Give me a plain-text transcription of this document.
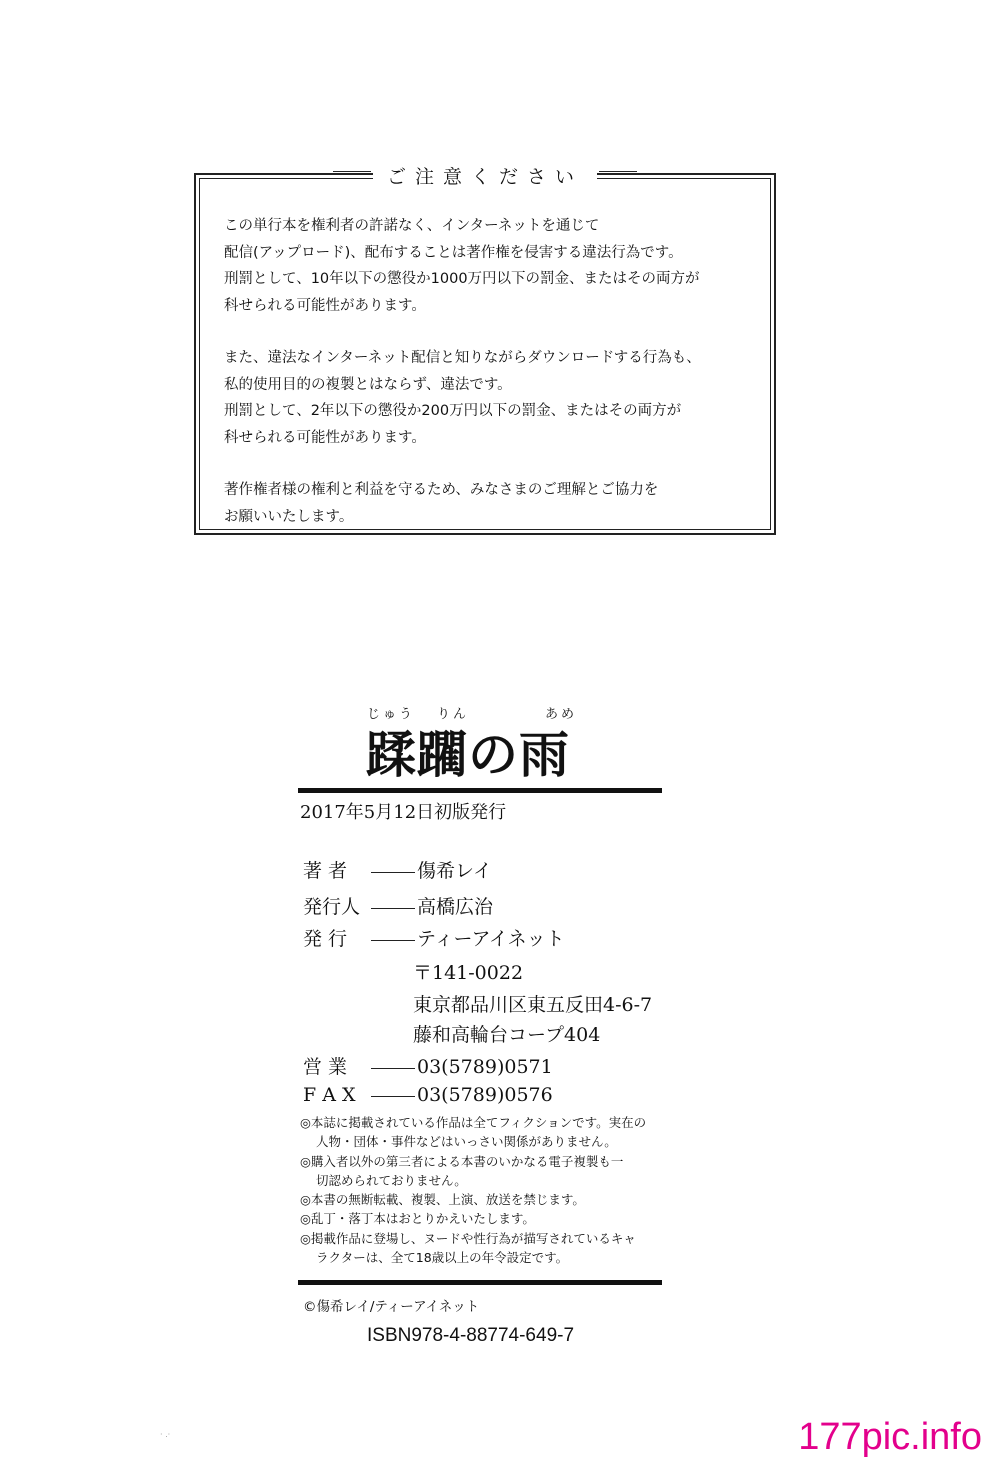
ご注意ください

この単行本を権利者の許諾なく、インターネットを通じて
配信(アップロード)、配布することは著作権を侵害する違法行為です。
刑罰として、10年以下の懲役か1000万円以下の罰金、またはその両方が
科せられる可能性があります。

また、違法なインターネット配信と知りながらダウンロードする行為も、
私的使用目的の複製とはならず、違法です。
刑罰として、2年以下の懲役か200万円以下の罰金、またはその両方が
科せられる可能性があります。

著作権者様の権利と利益を守るため、みなさまのご理解とご協力を
お願いいたします。

じゅう りん	あめ
蹂躙の雨
2017年5月12日初版発行
著 者	傷希レイ
発行人	高橋広治
発 行	ティーアイネット
〒141-0022
東京都品川区東五反田4-6-7
藤和高輪台コープ404
営 業	03(5789)0571
F A X	03(5789)0576
◎本誌に掲載されている作品は全てフィクションです。実在の
人物・団体・事件などはいっさい関係がありません。
◎購入者以外の第三者による本書のいかなる電子複製も一
切認められておりません。
◎本書の無断転載、複製、上演、放送を禁じます。
◎乱丁・落丁本はおとりかえいたします。
◎掲載作品に登場し、ヌードや性行為が描写されているキャ
ラクターは、全て18歳以上の年令設定です。
©傷希レイ/ティーアイネット
ISBN978-4-88774-649-7
· .·	177pic.info
